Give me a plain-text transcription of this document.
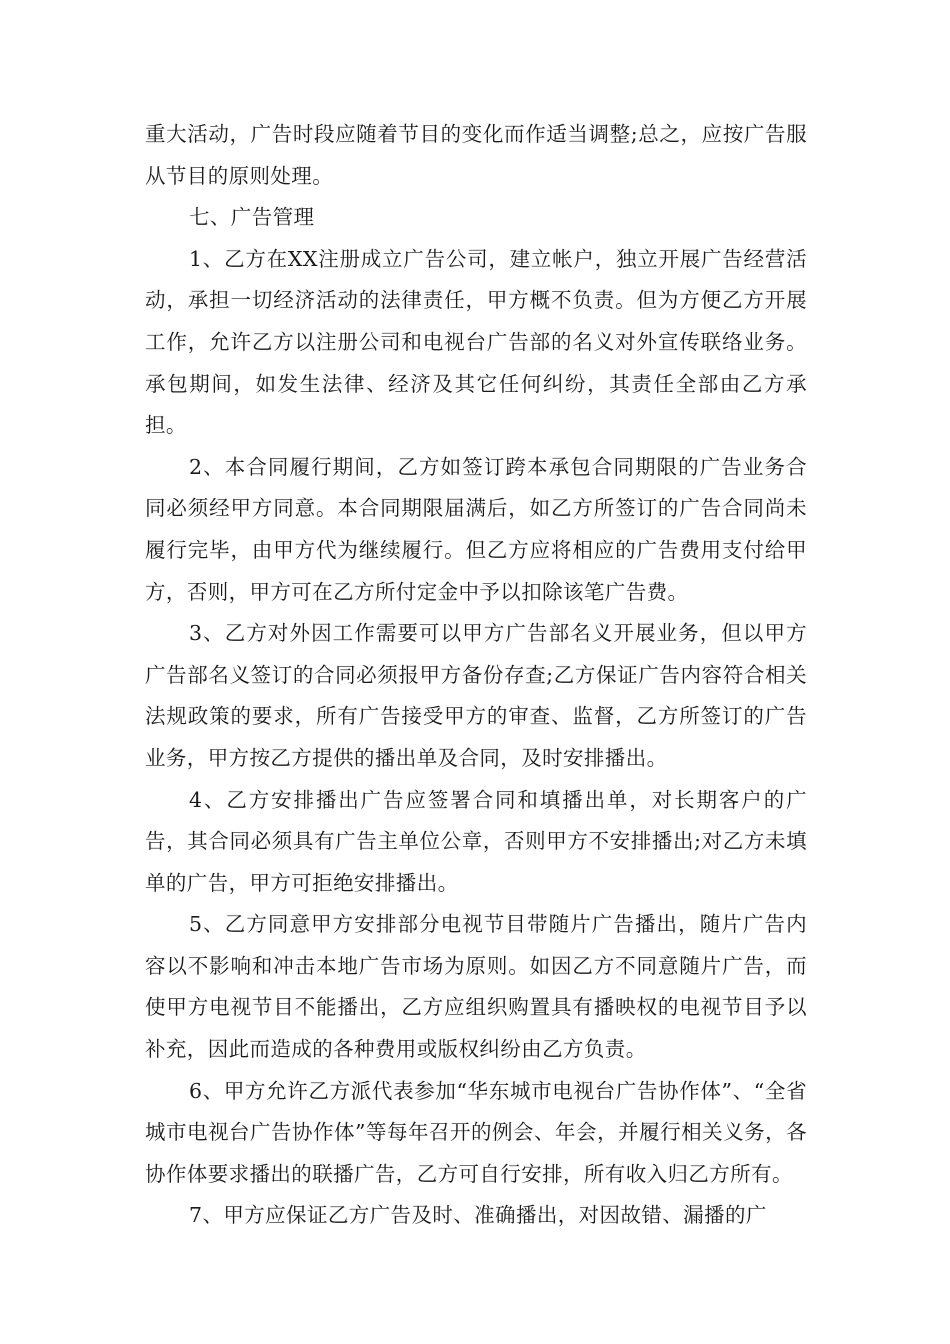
重大活动，广告时段应随着节目的变化而作适当调整;总之，应按广告服从节目的原则处理。

七、广告管理

1、乙方在XX注册成立广告公司，建立帐户，独立开展广告经营活动，承担一切经济活动的法律责任，甲方概不负责。但为方便乙方开展工作，允许乙方以注册公司和电视台广告部的名义对外宣传联络业务。承包期间，如发生法律、经济及其它任何纠纷，其责任全部由乙方承担。

2、本合同履行期间，乙方如签订跨本承包合同期限的广告业务合同必须经甲方同意。本合同期限届满后，如乙方所签订的广告合同尚未履行完毕，由甲方代为继续履行。但乙方应将相应的广告费用支付给甲方，否则，甲方可在乙方所付定金中予以扣除该笔广告费。

3、乙方对外因工作需要可以甲方广告部名义开展业务，但以甲方广告部名义签订的合同必须报甲方备份存查;乙方保证广告内容符合相关法规政策的要求，所有广告接受甲方的审查、监督，乙方所签订的广告业务，甲方按乙方提供的播出单及合同，及时安排播出。

4、乙方安排播出广告应签署合同和填播出单，对长期客户的广告，其合同必须具有广告主单位公章，否则甲方不安排播出;对乙方未填单的广告，甲方可拒绝安排播出。

5、乙方同意甲方安排部分电视节目带随片广告播出，随片广告内容以不影响和冲击本地广告市场为原则。如因乙方不同意随片广告，而使甲方电视节目不能播出，乙方应组织购置具有播映权的电视节目予以补充，因此而造成的各种费用或版权纠纷由乙方负责。

6、甲方允许乙方派代表参加“华东城市电视台广告协作体”、“全省城市电视台广告协作体”等每年召开的例会、年会，并履行相关义务，各协作体要求播出的联播广告，乙方可自行安排，所有收入归乙方所有。

7、甲方应保证乙方广告及时、准确播出，对因故错、漏播的广
